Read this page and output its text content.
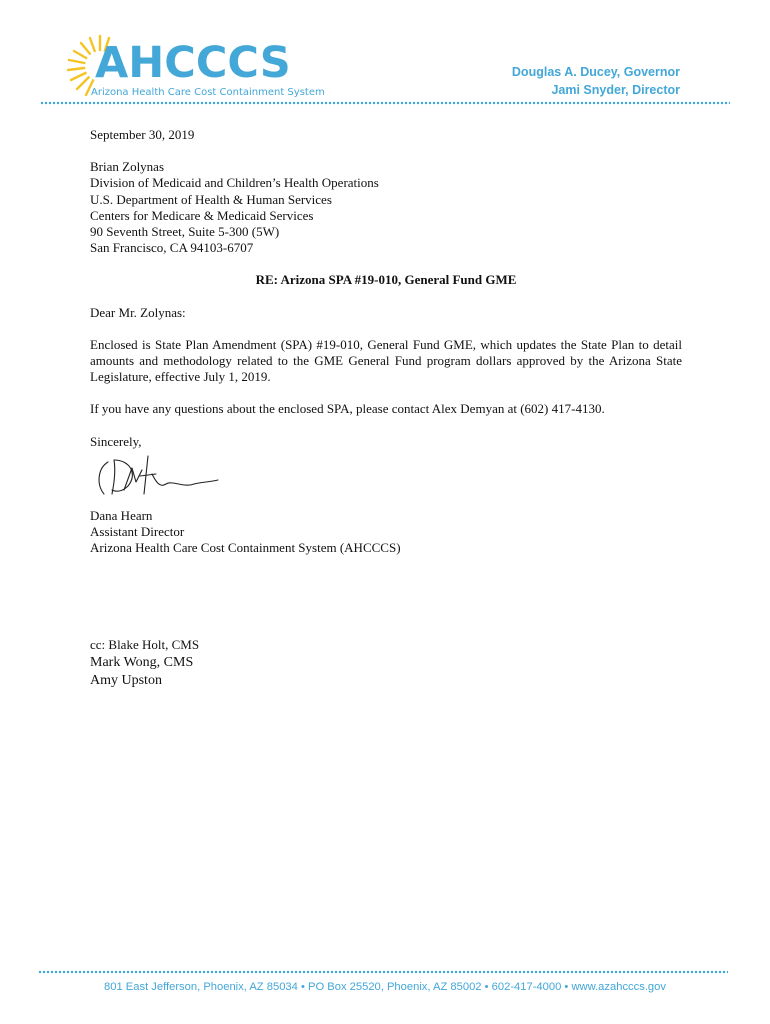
AHCCCS
Arizona Health Care Cost Containment System
Douglas A. Ducey, Governor
Jami Snyder, Director

September 30, 2019

Brian Zolynas

Division of Medicaid and Children’s Health Operations

U.S. Department of Health & Human Services

Centers for Medicare & Medicaid Services

90 Seventh Street, Suite 5-300 (5W)

San Francisco, CA 94103-6707

RE: Arizona SPA #19-010, General Fund GME

Dear Mr. Zolynas:

Enclosed is State Plan Amendment (SPA) #19-010, General Fund GME, which updates the State Plan to detail amounts and methodology related to the GME General Fund program dollars approved by the Arizona State Legislature, effective July 1, 2019.

If you have any questions about the enclosed SPA, please contact Alex Demyan at (602) 417-4130.

Sincerely,

Dana Hearn

Assistant Director

Arizona Health Care Cost Containment System (AHCCCS)

cc: Blake Holt, CMS

Mark Wong, CMS

Amy Upston

801 East Jefferson, Phoenix, AZ 85034 • PO Box 25520, Phoenix, AZ 85002 • 602-417-4000 • www.azahcccs.gov
